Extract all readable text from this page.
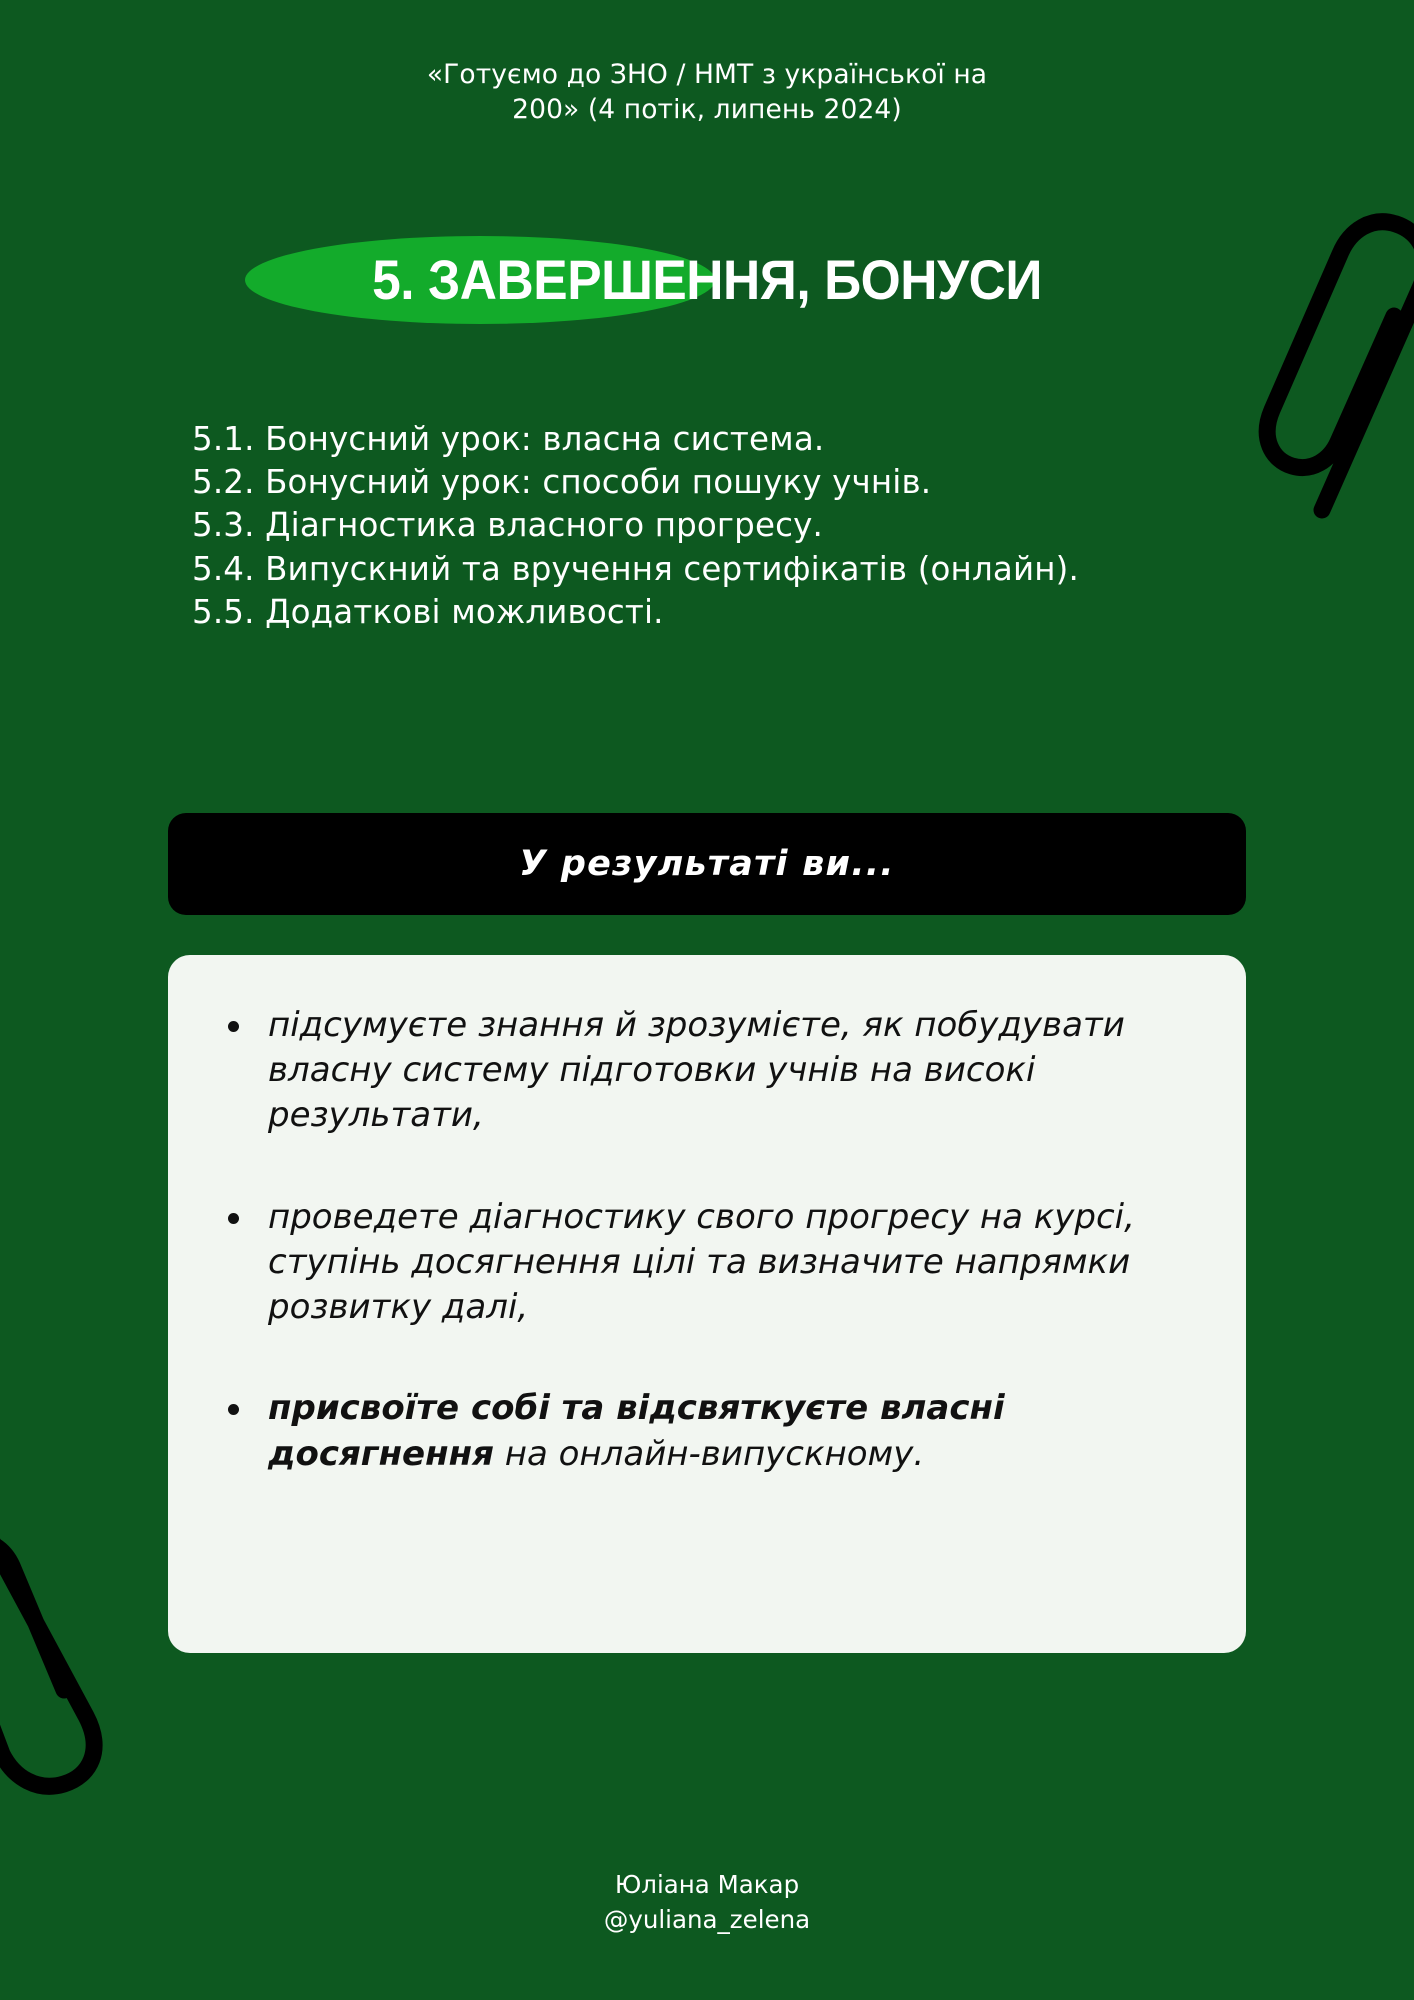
«Готуємо до ЗНО / НМТ з української на
200» (4 потік, липень 2024)
5. ЗАВЕРШЕННЯ, БОНУСИ
5.1. Бонусний урок: власна система.
5.2. Бонусний урок: способи пошуку учнів.
5.3. Діагностика власного прогресу.
5.4. Випускний та вручення сертифікатів (онлайн).
5.5. Додаткові можливості.
У результаті ви...
підсумуєте знання й зрозумієте, як побудувати власну систему підготовки учнів на високі результати,
проведете діагностику свого прогресу на курсі, ступінь досягнення цілі та визначите напрямки розвитку далі,
присвоїте собі та відсвяткуєте власні досягнення на онлайн-випускному.
Юліана Макар
@yuliana_zelena
